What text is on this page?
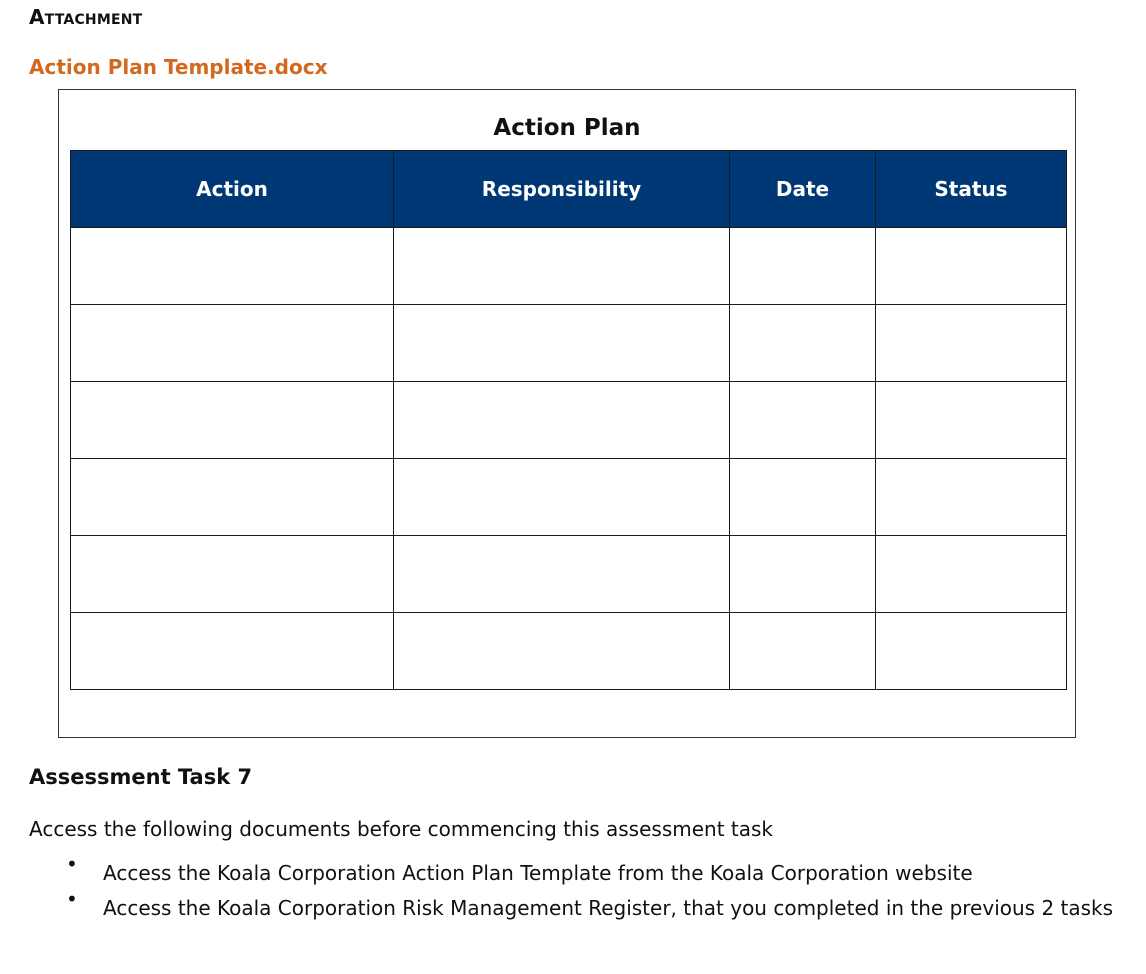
Attachment
Action Plan Template.docx
Action Plan
Action	Responsibility	Date	Status

Assessment Task 7
Access the following documents before commencing this assessment task
• Access the Koala Corporation Action Plan Template from the Koala Corporation website
• Access the Koala Corporation Risk Management Register, that you completed in the previous 2 tasks
